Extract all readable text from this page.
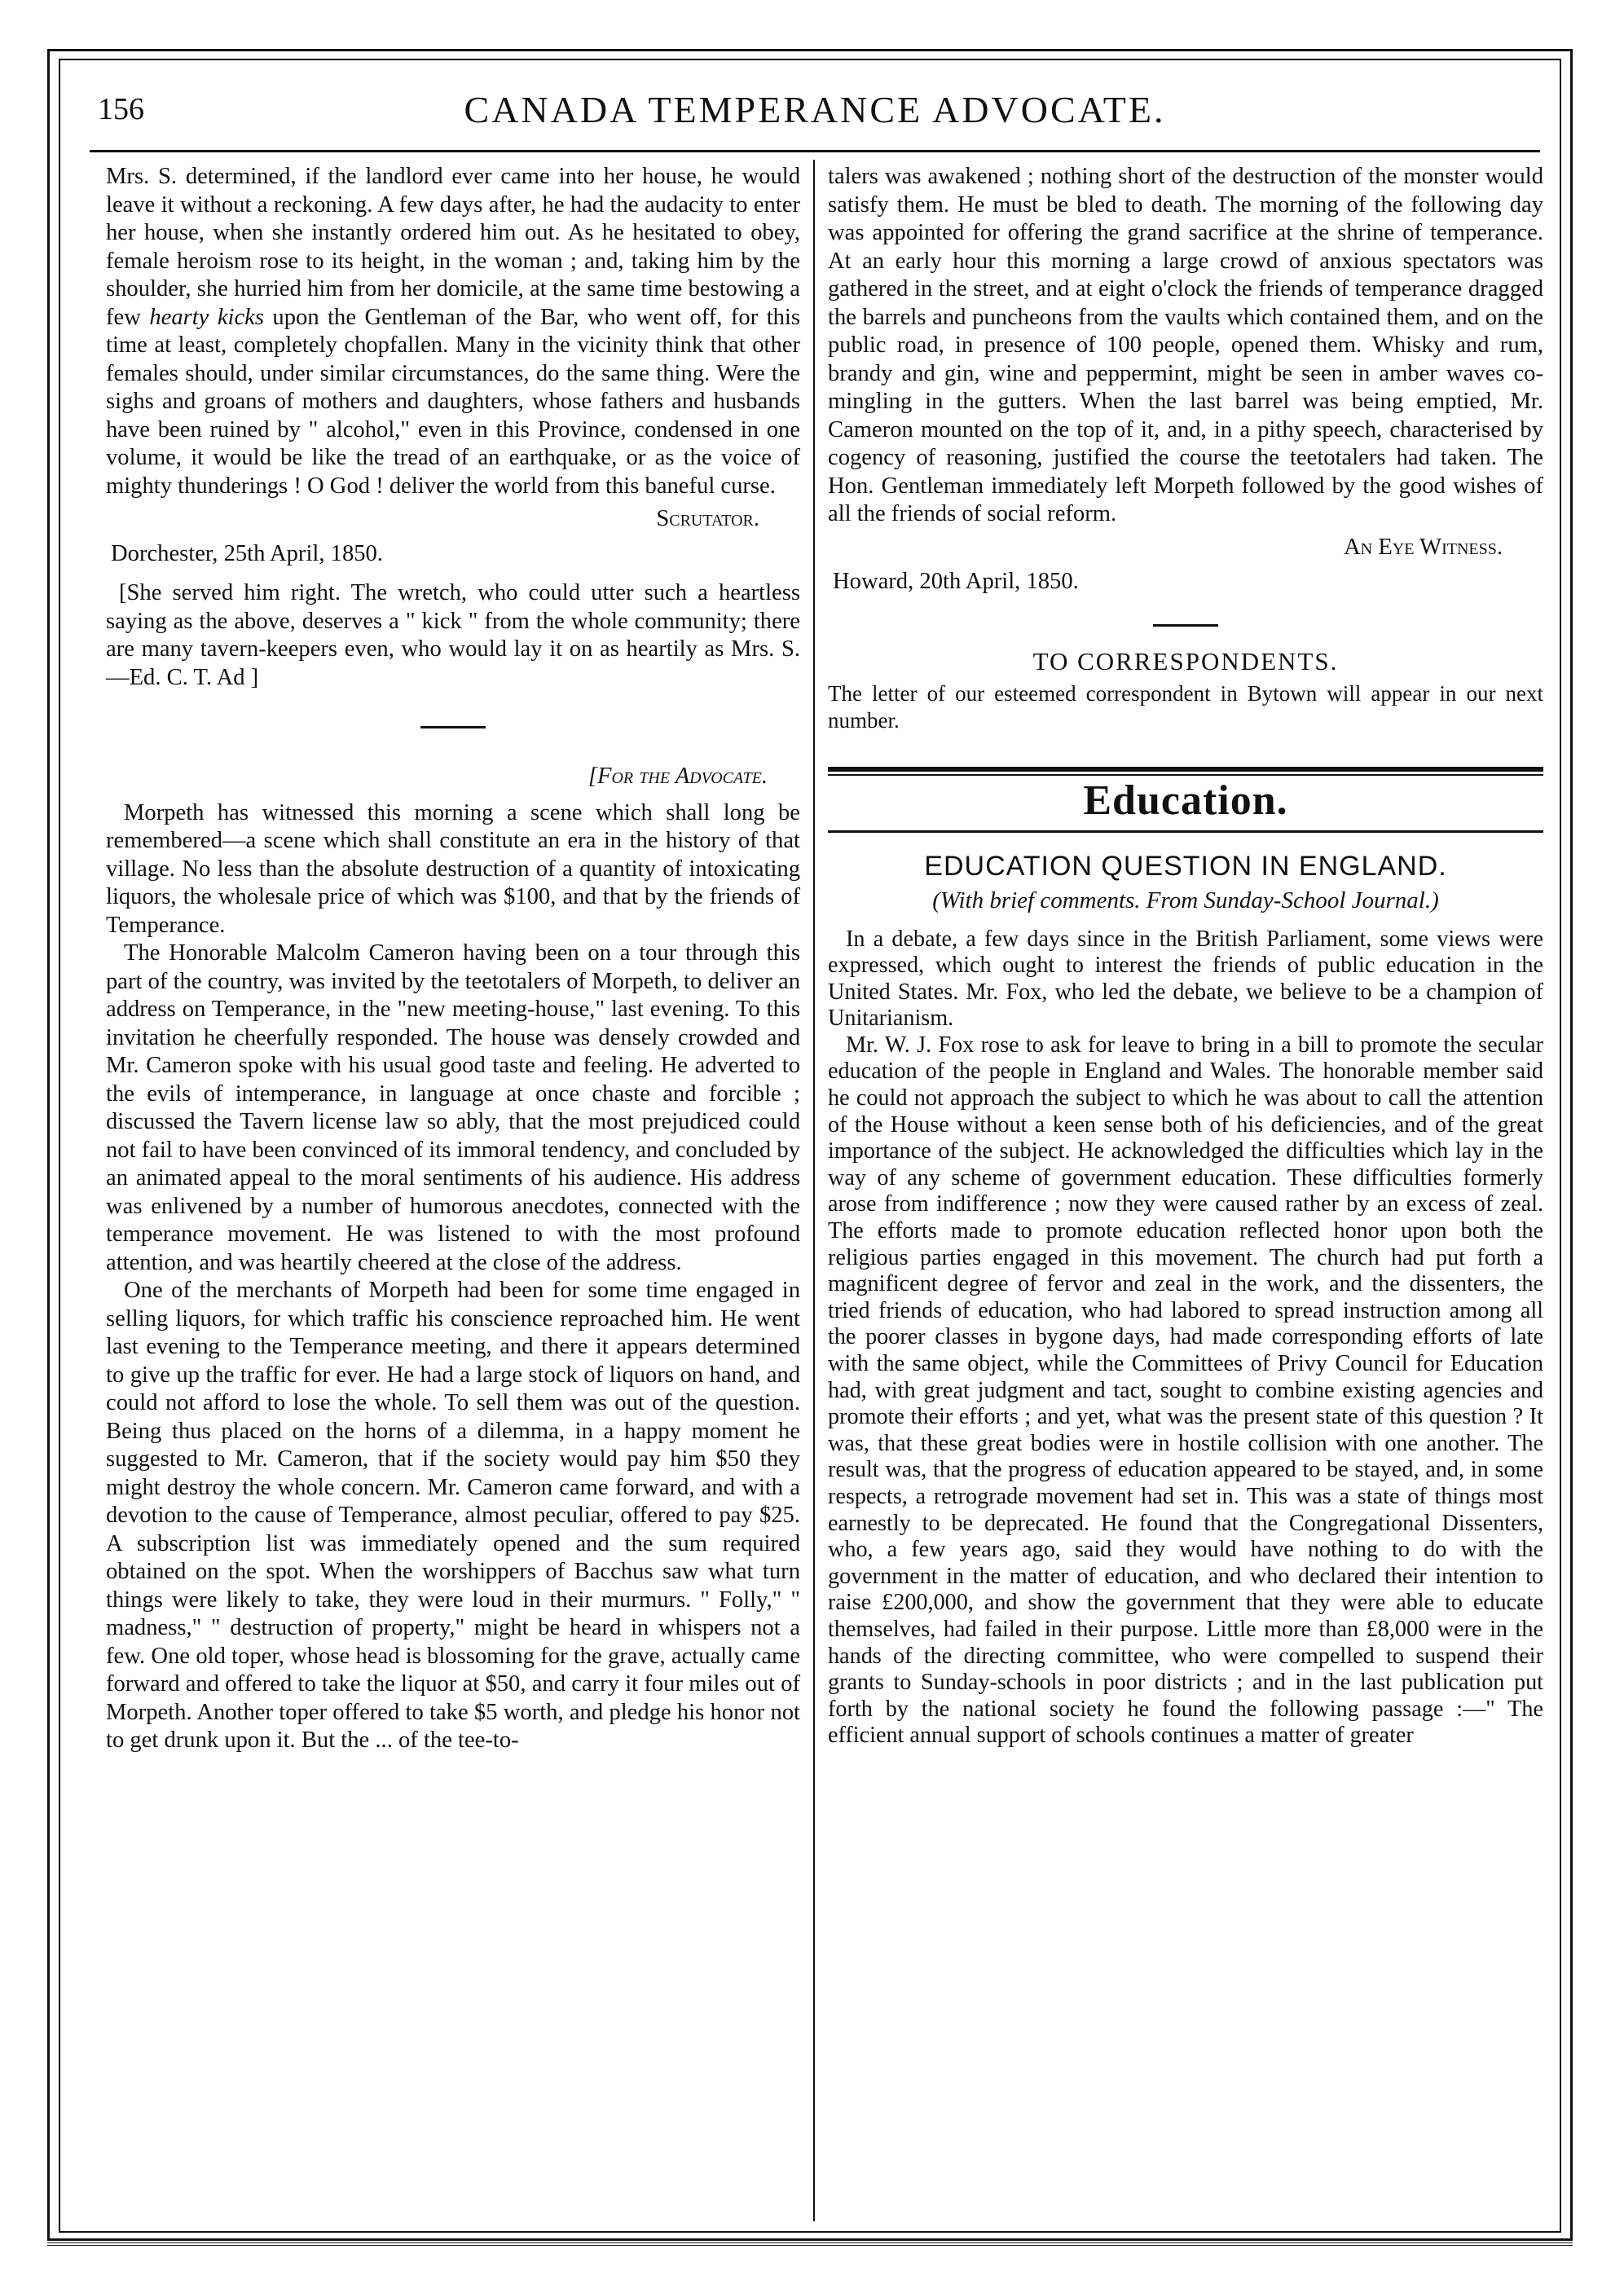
156	CANADA TEMPERANCE ADVOCATE.

Mrs. S. determined, if the landlord ever came into her house, he would leave it without a reckoning. A few days after, he had the audacity to enter her house, when she instantly ordered him out. As he hesitated to obey, female heroism rose to its height, in the woman ; and, taking him by the shoulder, she hurried him from her domicile, at the same time bestowing a few hearty kicks upon the Gentleman of the Bar, who went off, for this time at least, completely chopfallen. Many in the vicinity think that other females should, under similar circumstances, do the same thing. Were the sighs and groans of mothers and daughters, whose fathers and husbands have been ruined by " alcohol," even in this Province, condensed in one volume, it would be like the tread of an earthquake, or as the voice of mighty thunderings ! O God ! deliver the world from this baneful curse.

Scrutator.
Dorchester, 25th April, 1850.

[She served him right. The wretch, who could utter such a heartless saying as the above, deserves a " kick " from the whole community; there are many tavern-keepers even, who would lay it on as heartily as Mrs. S.—Ed. C. T. Ad ]

[For the Advocate.

Morpeth has witnessed this morning a scene which shall long be remembered—a scene which shall constitute an era in the history of that village. No less than the absolute destruction of a quantity of intoxicating liquors, the wholesale price of which was $100, and that by the friends of Temperance.

The Honorable Malcolm Cameron having been on a tour through this part of the country, was invited by the teetotalers of Morpeth, to deliver an address on Temperance, in the "new meeting-house," last evening. To this invitation he cheerfully responded. The house was densely crowded and Mr. Cameron spoke with his usual good taste and feeling. He adverted to the evils of intemperance, in language at once chaste and forcible ; discussed the Tavern license law so ably, that the most prejudiced could not fail to have been convinced of its immoral tendency, and concluded by an animated appeal to the moral sentiments of his audience. His address was enlivened by a number of humorous anecdotes, connected with the temperance movement. He was listened to with the most profound attention, and was heartily cheered at the close of the address.

One of the merchants of Morpeth had been for some time engaged in selling liquors, for which traffic his conscience reproached him. He went last evening to the Temperance meeting, and there it appears determined to give up the traffic for ever. He had a large stock of liquors on hand, and could not afford to lose the whole. To sell them was out of the question. Being thus placed on the horns of a dilemma, in a happy moment he suggested to Mr. Cameron, that if the society would pay him $50 they might destroy the whole concern. Mr. Cameron came forward, and with a devotion to the cause of Temperance, almost peculiar, offered to pay $25. A subscription list was immediately opened and the sum required obtained on the spot. When the worshippers of Bacchus saw what turn things were likely to take, they were loud in their murmurs. " Folly," " madness," " destruction of property," might be heard in whispers not a few. One old toper, whose head is blossoming for the grave, actually came forward and offered to take the liquor at $50, and carry it four miles out of Morpeth. Another toper offered to take $5 worth, and pledge his honor not to get drunk upon it. But the ... of the tee-to-

talers was awakened ; nothing short of the destruction of the monster would satisfy them. He must be bled to death. The morning of the following day was appointed for offering the grand sacrifice at the shrine of temperance. At an early hour this morning a large crowd of anxious spectators was gathered in the street, and at eight o'clock the friends of temperance dragged the barrels and puncheons from the vaults which contained them, and on the public road, in presence of 100 people, opened them. Whisky and rum, brandy and gin, wine and peppermint, might be seen in amber waves co-mingling in the gutters. When the last barrel was being emptied, Mr. Cameron mounted on the top of it, and, in a pithy speech, characterised by cogency of reasoning, justified the course the teetotalers had taken. The Hon. Gentleman immediately left Morpeth followed by the good wishes of all the friends of social reform.

An Eye Witness.
Howard, 20th April, 1850.
TO CORRESPONDENTS.

The letter of our esteemed correspondent in Bytown will appear in our next number.

Education.
EDUCATION QUESTION IN ENGLAND.
(With brief comments. From Sunday-School Journal.)

In a debate, a few days since in the British Parliament, some views were expressed, which ought to interest the friends of public education in the United States. Mr. Fox, who led the debate, we believe to be a champion of Unitarianism.

Mr. W. J. Fox rose to ask for leave to bring in a bill to promote the secular education of the people in England and Wales. The honorable member said he could not approach the subject to which he was about to call the attention of the House without a keen sense both of his deficiencies, and of the great importance of the subject. He acknowledged the difficulties which lay in the way of any scheme of government education. These difficulties formerly arose from indifference ; now they were caused rather by an excess of zeal. The efforts made to promote education reflected honor upon both the religious parties engaged in this movement. The church had put forth a magnificent degree of fervor and zeal in the work, and the dissenters, the tried friends of education, who had labored to spread instruction among all the poorer classes in bygone days, had made corresponding efforts of late with the same object, while the Committees of Privy Council for Education had, with great judgment and tact, sought to combine existing agencies and promote their efforts ; and yet, what was the present state of this question ? It was, that these great bodies were in hostile collision with one another. The result was, that the progress of education appeared to be stayed, and, in some respects, a retrograde movement had set in. This was a state of things most earnestly to be deprecated. He found that the Congregational Dissenters, who, a few years ago, said they would have nothing to do with the government in the matter of education, and who declared their intention to raise £200,000, and show the government that they were able to educate themselves, had failed in their purpose. Little more than £8,000 were in the hands of the directing committee, who were compelled to suspend their grants to Sunday-schools in poor districts ; and in the last publication put forth by the national society he found the following passage :—" The efficient annual support of schools continues a matter of greater
